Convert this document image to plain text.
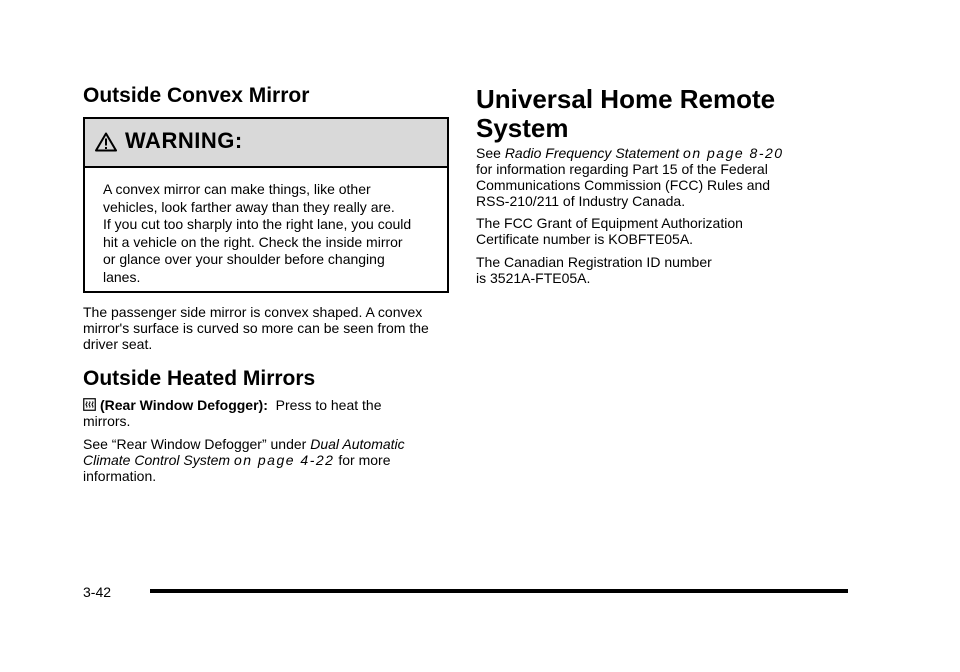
Outside Convex Mirror
WARNING:
A convex mirror can make things, like other
vehicles, look farther away than they really are.
If you cut too sharply into the right lane, you could
hit a vehicle on the right. Check the inside mirror
or glance over your shoulder before changing
lanes.

The passenger side mirror is convex shaped. A convex
mirror's surface is curved so more can be seen from the
driver seat.

Outside Heated Mirrors

(Rear Window Defogger): Press to heat the
mirrors.

See “Rear Window Defogger” under Dual Automatic
Climate Control System on page 4-22 for more
information.

Universal Home Remote
System

See Radio Frequency Statement on page 8-20
for information regarding Part 15 of the Federal
Communications Commission (FCC) Rules and
RSS-210/211 of Industry Canada.

The FCC Grant of Equipment Authorization
Certificate number is KOBFTE05A.

The Canadian Registration ID number
is 3521A-FTE05A.

3-42
